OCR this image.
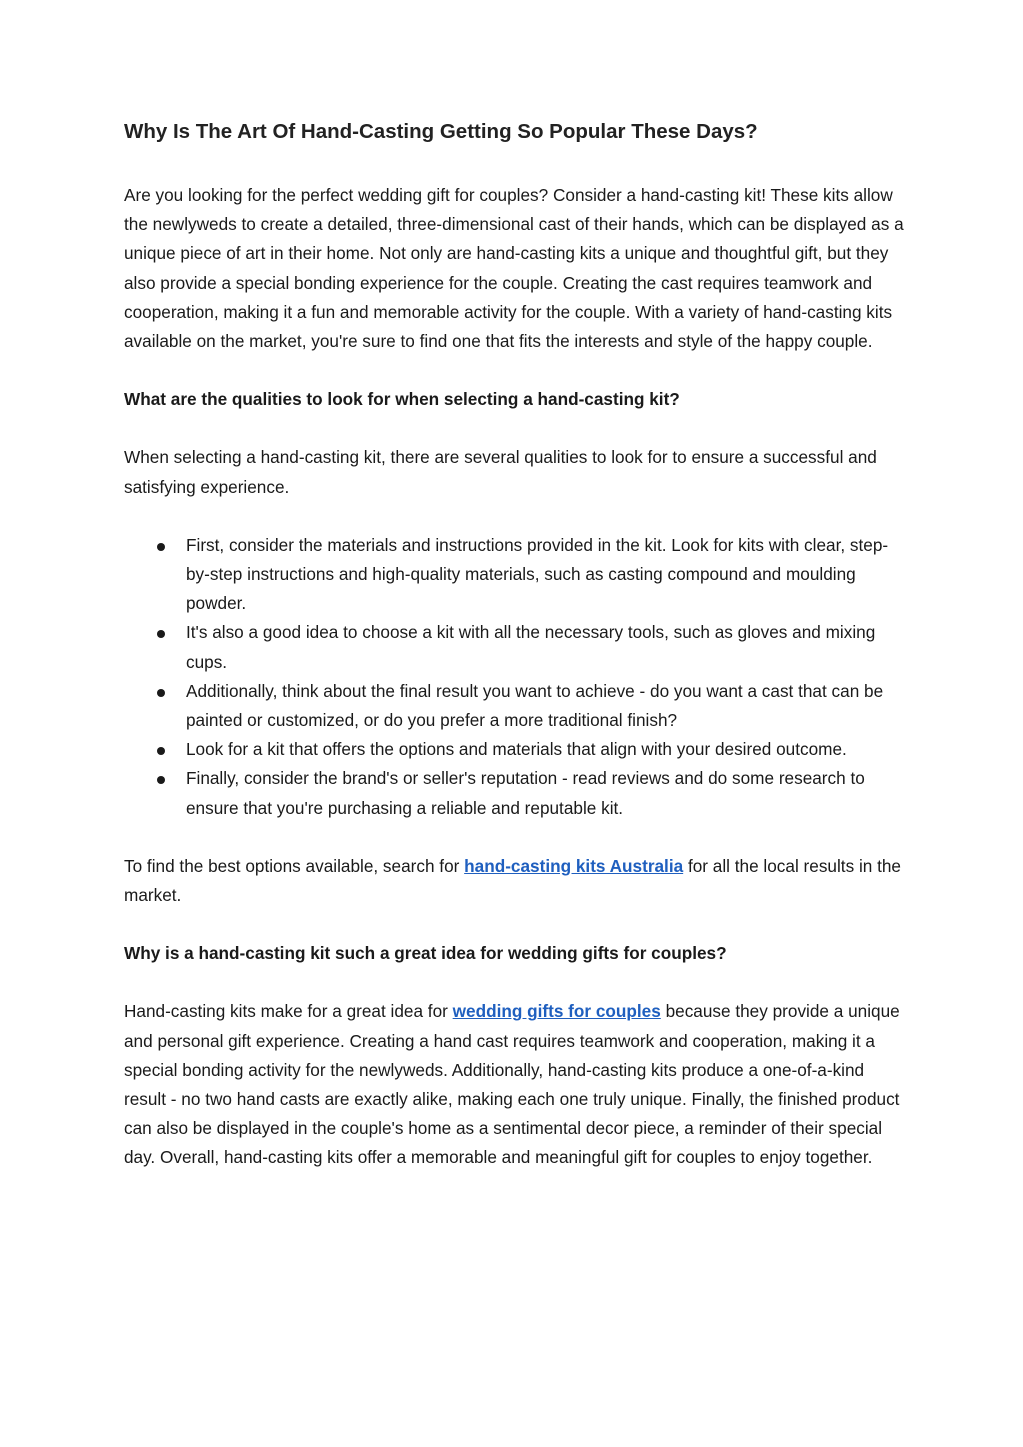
Why Is The Art Of Hand-Casting Getting So Popular These Days?

Are you looking for the perfect wedding gift for couples? Consider a hand-casting kit! These kits allow the newlyweds to create a detailed, three-dimensional cast of their hands, which can be displayed as a unique piece of art in their home. Not only are hand-casting kits a unique and thoughtful gift, but they also provide a special bonding experience for the couple. Creating the cast requires teamwork and cooperation, making it a fun and memorable activity for the couple. With a variety of hand-casting kits available on the market, you're sure to find one that fits the interests and style of the happy couple.

What are the qualities to look for when selecting a hand-casting kit?

When selecting a hand-casting kit, there are several qualities to look for to ensure a successful and satisfying experience.

First, consider the materials and instructions provided in the kit. Look for kits with clear, step-by-step instructions and high-quality materials, such as casting compound and moulding powder.
It's also a good idea to choose a kit with all the necessary tools, such as gloves and mixing cups.
Additionally, think about the final result you want to achieve - do you want a cast that can be painted or customized, or do you prefer a more traditional finish?
Look for a kit that offers the options and materials that align with your desired outcome.
Finally, consider the brand's or seller's reputation - read reviews and do some research to ensure that you're purchasing a reliable and reputable kit.

To find the best options available, search for hand-casting kits Australia for all the local results in the market.

Why is a hand-casting kit such a great idea for wedding gifts for couples?

Hand-casting kits make for a great idea for wedding gifts for couples because they provide a unique and personal gift experience. Creating a hand cast requires teamwork and cooperation, making it a special bonding activity for the newlyweds. Additionally, hand-casting kits produce a one-of-a-kind result - no two hand casts are exactly alike, making each one truly unique. Finally, the finished product can also be displayed in the couple's home as a sentimental decor piece, a reminder of their special day. Overall, hand-casting kits offer a memorable and meaningful gift for couples to enjoy together.
